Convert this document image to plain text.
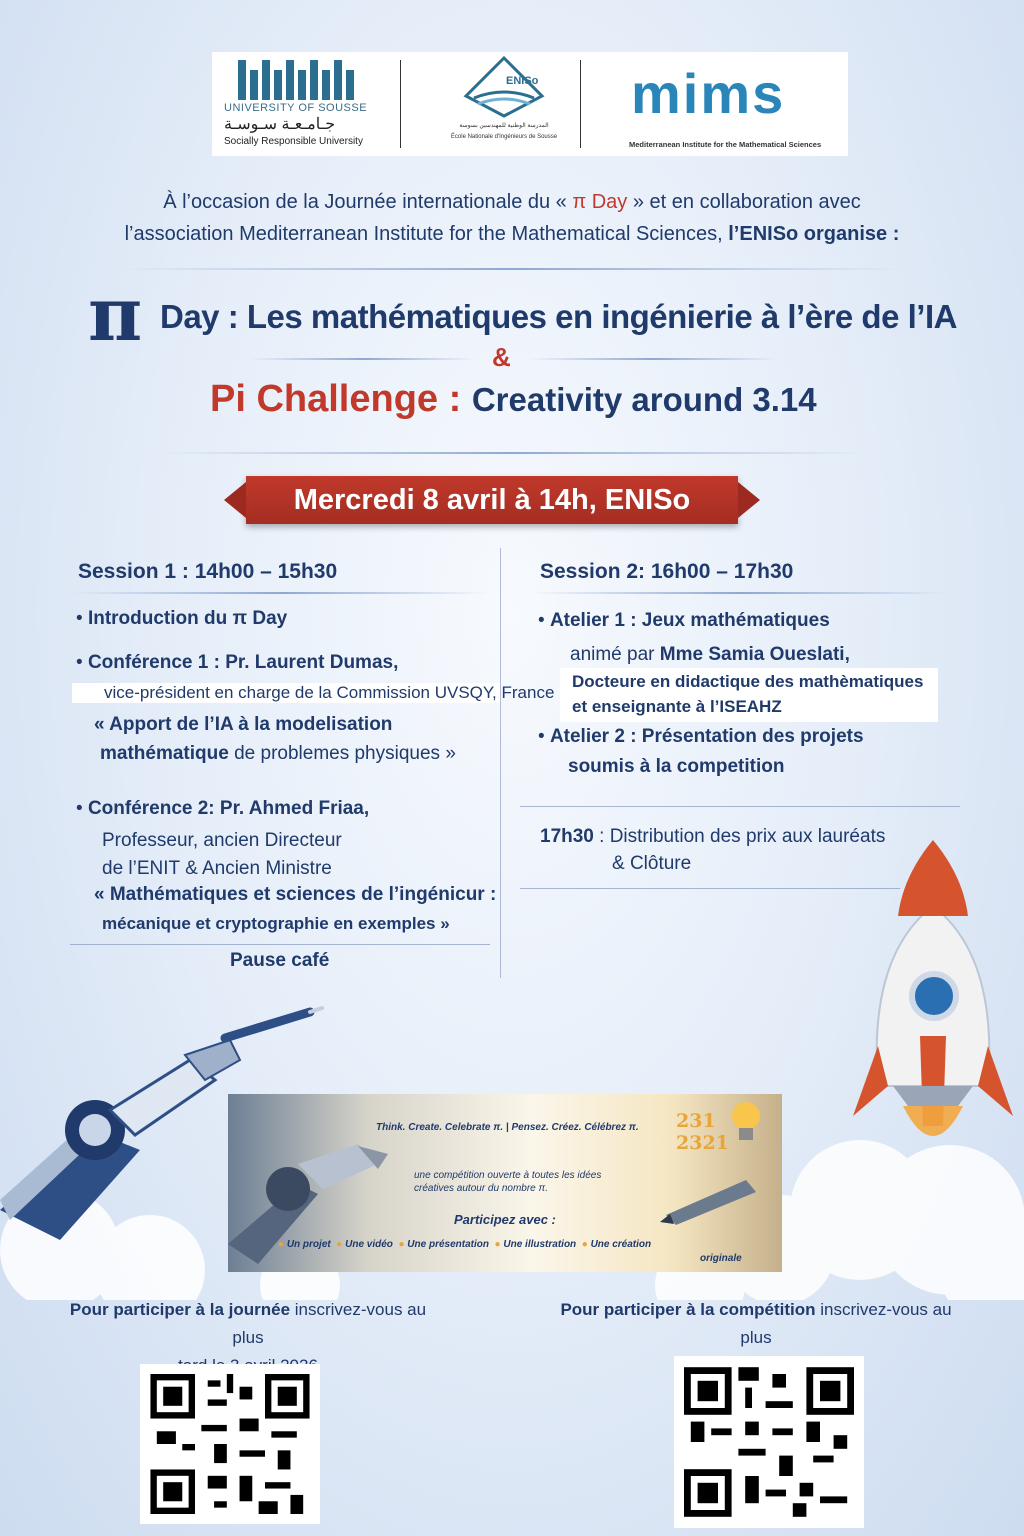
UNIVERSITY OF SOUSSE
جـامـعـة سـوسـة
Socially Responsible University
ENISo
المدرسة الوطنية للمهندسين بسوسة
École Nationale d'Ingénieurs de Sousse
mims
Mediterranean Institute for the Mathematical Sciences
À l’occasion de la Journée internationale du « π Day » et en collaboration avec
l’association Mediterranean Institute for the Mathematical Sciences, l’ENISo organise :
π Day : Les mathématiques en ingénierie à l’ère de l’IA
&
Pi Challenge : Creativity around 3.14
Mercredi 8 avril à 14h, ENISo
Session 1 : 14h00 – 15h30
• Introduction du π Day
• Conférence 1 : Pr. Laurent Dumas,
vice-président en charge de la Commission UVSQY, France
« Apport de l’IA à la modelisation
mathématique de problemes physiques »
• Conférence 2: Pr. Ahmed Friaa,
Professeur, ancien Directeur
de l’ENIT & Ancien Ministre
« Mathématiques et sciences de l’ingénicur :
mécanique et cryptographie en exemples »
Pause café
Session 2: 16h00 – 17h30
• Atelier 1 : Jeux mathématiques
animé par Mme Samia Oueslati,
Docteure en didactique des mathèmatiques
et enseignante à l’ISEAHZ
• Atelier 2 : Présentation des projets
soumis à la competition
17h30 : Distribution des prix aux lauréats
& Clôture
Think. Create. Celebrate π. | Pensez. Créez. Célébrez π. 231
2321
une compétition ouverte à toutes les idées
créatives autour du nombre π.
Participez avec :
● Un projet  ● Une vidéo  ● Une présentation  ● Une illustration  ● Une création
originale
Pour participer à la journée inscrivez-vous au plus
Pour participer à la compétition inscrivez-vous au plus
